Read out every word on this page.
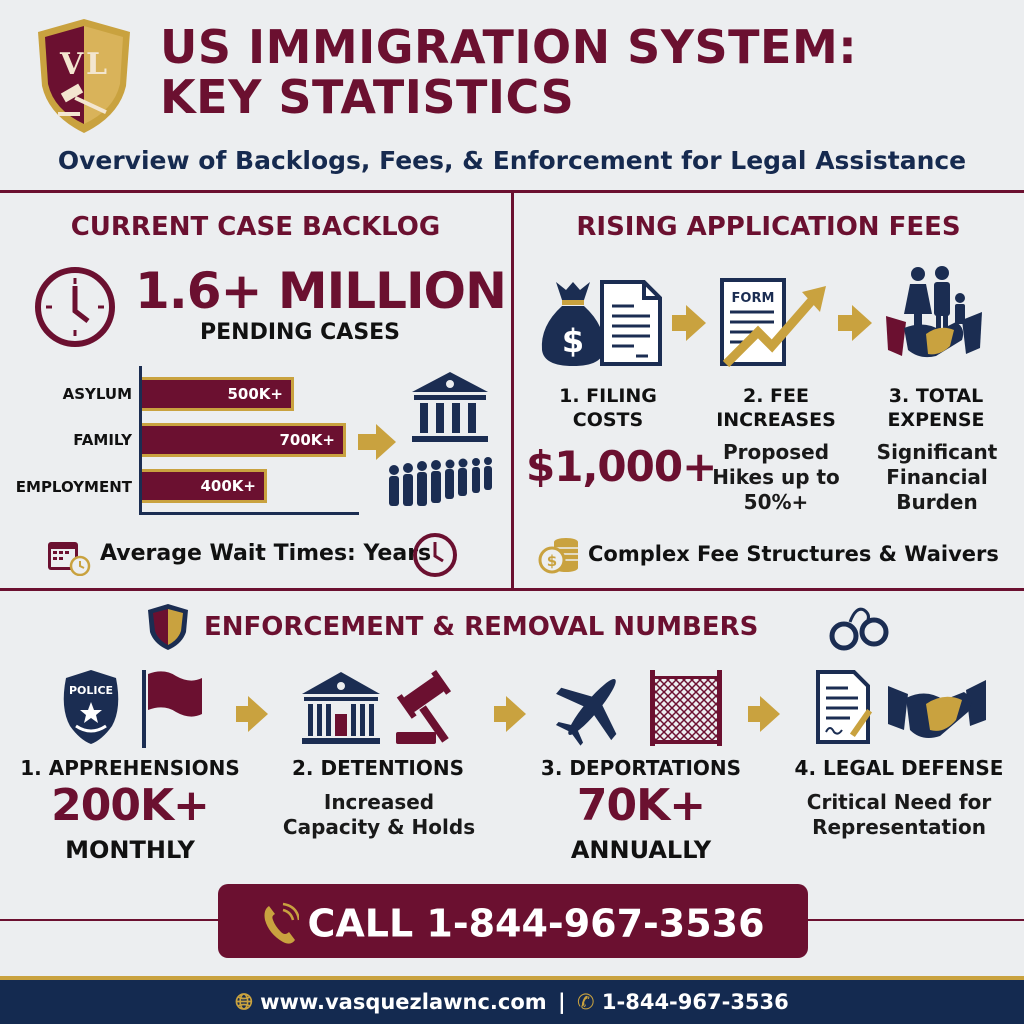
V L US IMMIGRATION SYSTEM:
KEY STATISTICS
Overview of Backlogs, Fees, & Enforcement for Legal Assistance
CURRENT CASE BACKLOG
1.6+ MILLION
PENDING CASES
ASYLUM	500K+
FAMILY	700K+
EMPLOYMENT	400K+
Average Wait Times: Years
RISING APPLICATION FEES
$
FORM
1. FILING COSTS
$1,000+
2. FEE INCREASES
Proposed Hikes up to 50%+
3. TOTAL EXPENSE
Significant Financial Burden
$ Complex Fee Structures & Waivers
ENFORCEMENT & REMOVAL NUMBERS
POLICE
1. APPREHENSIONS
200K+
MONTHLY
2. DETENTIONS
Increased Capacity & Holds
3. DEPORTATIONS
70K+
ANNUALLY
4. LEGAL DEFENSE
Critical Need for Representation
CALL 1-844-967-3536
🌐︎ www.vasquezlawnc.com | ✆ 1-844-967-3536
